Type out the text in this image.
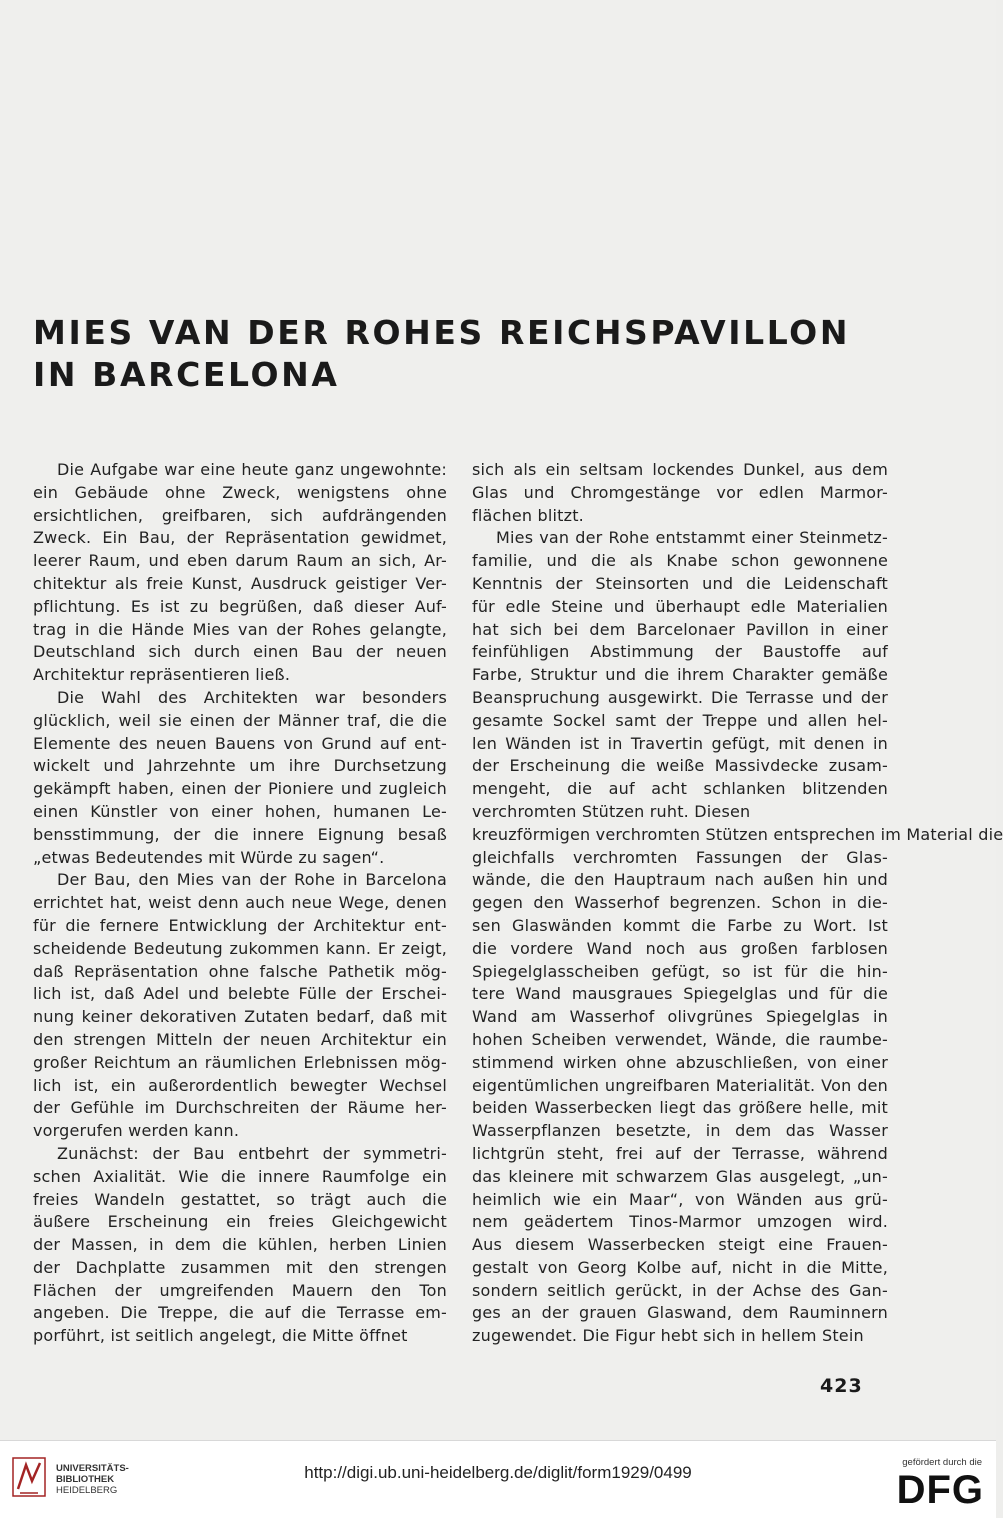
MIES VAN DER ROHES REICHSPAVILLON
IN BARCELONA
Die Aufgabe war eine heute ganz ungewohnte:
ein Gebäude ohne Zweck, wenigstens ohne
ersichtlichen, greifbaren, sich aufdrängenden
Zweck. Ein Bau, der Repräsentation gewidmet,
leerer Raum, und eben darum Raum an sich, Ar-
chitektur als freie Kunst, Ausdruck geistiger Ver-
pflichtung. Es ist zu begrüßen, daß dieser Auf-
trag in die Hände Mies van der Rohes gelangte,
Deutschland sich durch einen Bau der neuen
Architektur repräsentieren ließ.
Die Wahl des Architekten war besonders
glücklich, weil sie einen der Männer traf, die die
Elemente des neuen Bauens von Grund auf ent-
wickelt und Jahrzehnte um ihre Durchsetzung
gekämpft haben, einen der Pioniere und zugleich
einen Künstler von einer hohen, humanen Le-
bensstimmung, der die innere Eignung besaß
„etwas Bedeutendes mit Würde zu sagen“.
Der Bau, den Mies van der Rohe in Barcelona
errichtet hat, weist denn auch neue Wege, denen
für die fernere Entwicklung der Architektur ent-
scheidende Bedeutung zukommen kann. Er zeigt,
daß Repräsentation ohne falsche Pathetik mög-
lich ist, daß Adel und belebte Fülle der Erschei-
nung keiner dekorativen Zutaten bedarf, daß mit
den strengen Mitteln der neuen Architektur ein
großer Reichtum an räumlichen Erlebnissen mög-
lich ist, ein außerordentlich bewegter Wechsel
der Gefühle im Durchschreiten der Räume her-
vorgerufen werden kann.
Zunächst: der Bau entbehrt der symmetri-
schen Axialität. Wie die innere Raumfolge ein
freies Wandeln gestattet, so trägt auch die
äußere Erscheinung ein freies Gleichgewicht
der Massen, in dem die kühlen, herben Linien
der Dachplatte zusammen mit den strengen
Flächen der umgreifenden Mauern den Ton
angeben. Die Treppe, die auf die Terrasse em-
porführt, ist seitlich angelegt, die Mitte öffnet
sich als ein seltsam lockendes Dunkel, aus dem
Glas und Chromgestänge vor edlen Marmor-
flächen blitzt.
Mies van der Rohe entstammt einer Steinmetz-
familie, und die als Knabe schon gewonnene
Kenntnis der Steinsorten und die Leidenschaft
für edle Steine und überhaupt edle Materialien
hat sich bei dem Barcelonaer Pavillon in einer
feinfühligen Abstimmung der Baustoffe auf
Farbe, Struktur und die ihrem Charakter gemäße
Beanspruchung ausgewirkt. Die Terrasse und der
gesamte Sockel samt der Treppe und allen hel-
len Wänden ist in Travertin gefügt, mit denen in
der Erscheinung die weiße Massivdecke zusam-
mengeht, die auf acht schlanken blitzenden
verchromten Stützen ruht. Diesen
kreuzförmigen verchromten Stützen entsprechen im Material die
gleichfalls verchromten Fassungen der Glas-
wände, die den Hauptraum nach außen hin und
gegen den Wasserhof begrenzen. Schon in die-
sen Glaswänden kommt die Farbe zu Wort. Ist
die vordere Wand noch aus großen farblosen
Spiegelglasscheiben gefügt, so ist für die hin-
tere Wand mausgraues Spiegelglas und für die
Wand am Wasserhof olivgrünes Spiegelglas in
hohen Scheiben verwendet, Wände, die raumbe-
stimmend wirken ohne abzuschließen, von einer
eigentümlichen ungreifbaren Materialität. Von den
beiden Wasserbecken liegt das größere helle, mit
Wasserpflanzen besetzte, in dem das Wasser
lichtgrün steht, frei auf der Terrasse, während
das kleinere mit schwarzem Glas ausgelegt, „un-
heimlich wie ein Maar“, von Wänden aus grü-
nem geädertem Tinos-Marmor umzogen wird.
Aus diesem Wasserbecken steigt eine Frauen-
gestalt von Georg Kolbe auf, nicht in die Mitte,
sondern seitlich gerückt, in der Achse des Gan-
ges an der grauen Glaswand, dem Rauminnern
zugewendet. Die Figur hebt sich in hellem Stein
423
UNIVERSITÄTS-
BIBLIOTHEK
HEIDELBERG
http://digi.ub.uni-heidelberg.de/diglit/form1929/0499
gefördert durch die
DFG
